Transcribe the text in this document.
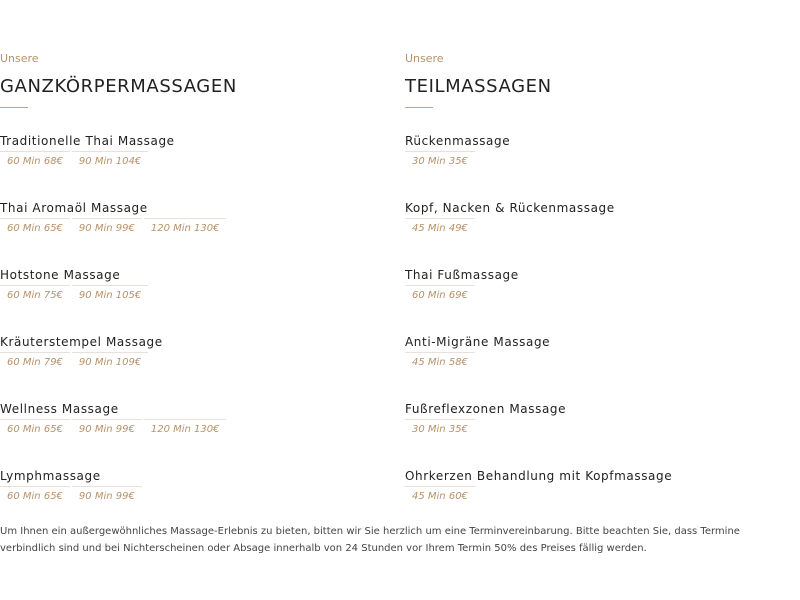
Unsere

GANZKÖRPERMASSAGEN

Traditionelle Thai Massage

60 Min 68€	90 Min 104€

Thai Aromaöl Massage

60 Min 65€	90 Min 99€	120 Min 130€

Hotstone Massage

60 Min 75€	90 Min 105€

Kräuterstempel Massage

60 Min 79€	90 Min 109€

Wellness Massage

60 Min 65€	90 Min 99€	120 Min 130€

Lymphmassage

60 Min 65€	90 Min 99€

Unsere

TEILMASSAGEN

Rückenmassage

30 Min 35€

Kopf, Nacken & Rückenmassage

45 Min 49€

Thai Fußmassage

60 Min 69€

Anti-Migräne Massage

45 Min 58€

Fußreflexzonen Massage

30 Min 35€

Ohrkerzen Behandlung mit Kopfmassage

45 Min 60€

Um Ihnen ein außergewöhnliches Massage-Erlebnis zu bieten, bitten wir Sie herzlich um eine Terminvereinbarung. Bitte beachten Sie, dass Termine verbindlich sind und bei Nichterscheinen oder Absage innerhalb von 24 Stunden vor Ihrem Termin 50% des Preises fällig werden.
